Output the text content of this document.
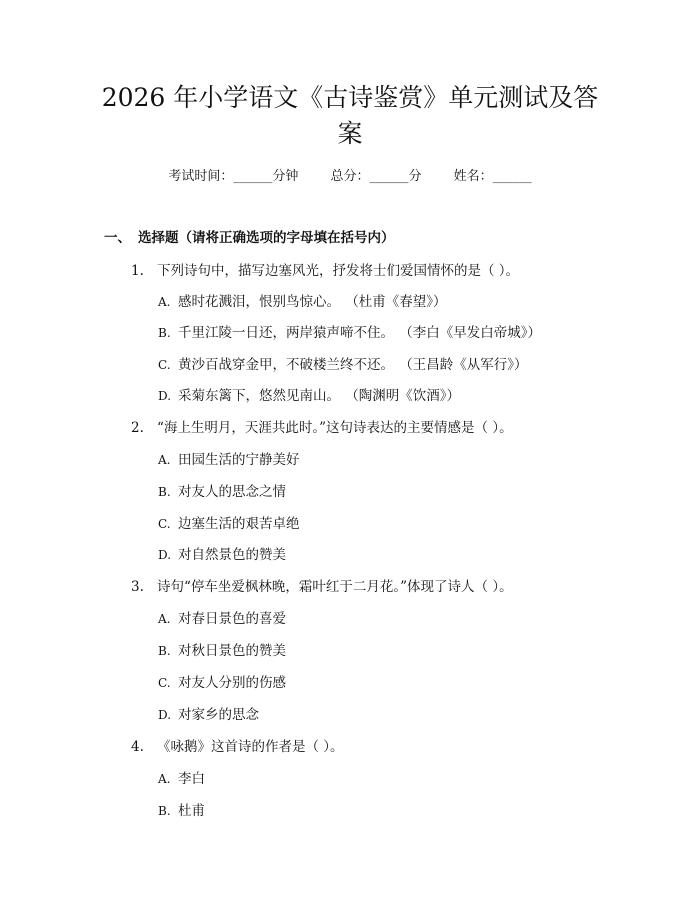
2026 年小学语文《古诗鉴赏》单元测试及答
案
考试时间：______分钟 总分：______分 姓名：______
一、 选择题（请将正确选项的字母填在括号内）
1. 下列诗句中，描写边塞风光，抒发将士们爱国情怀的是（ ）。
A. 感时花溅泪，恨别鸟惊心。 （杜甫《春望》）
B. 千里江陵一日还，两岸猿声啼不住。 （李白《早发白帝城》）
C. 黄沙百战穿金甲，不破楼兰终不还。 （王昌龄《从军行》）
D. 采菊东篱下，悠然见南山。 （陶渊明《饮酒》）
2. “海上生明月，天涯共此时。”这句诗表达的主要情感是（ ）。
A. 田园生活的宁静美好
B. 对友人的思念之情
C. 边塞生活的艰苦卓绝
D. 对自然景色的赞美
3. 诗句“停车坐爱枫林晚，霜叶红于二月花。”体现了诗人（ ）。
A. 对春日景色的喜爱
B. 对秋日景色的赞美
C. 对友人分别的伤感
D. 对家乡的思念
4. 《咏鹅》这首诗的作者是（ ）。
A. 李白
B. 杜甫
